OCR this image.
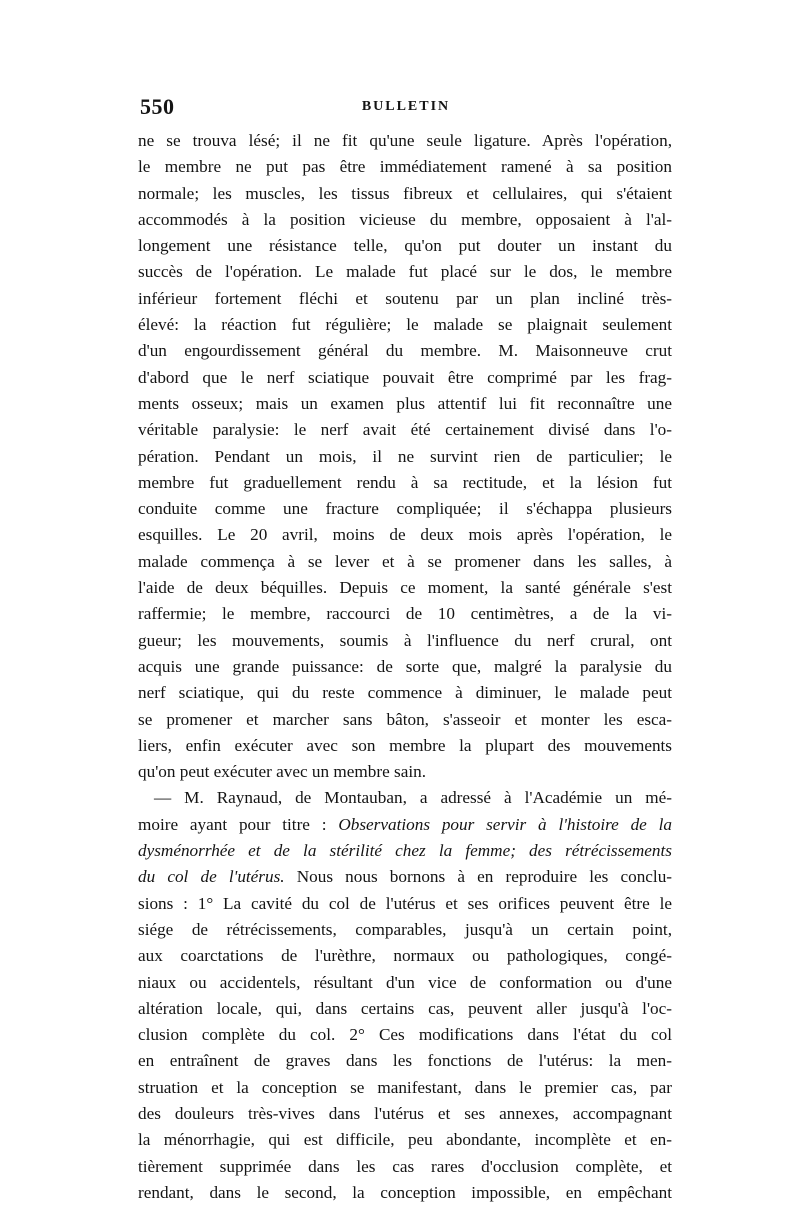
550	BULLETIN
ne se trouva lésé; il ne fit qu'une seule ligature. Après l'opération,
le membre ne put pas être immédiatement ramené à sa position
normale; les muscles, les tissus fibreux et cellulaires, qui s'étaient
accommodés à la position vicieuse du membre, opposaient à l'al-
longement une résistance telle, qu'on put douter un instant du
succès de l'opération. Le malade fut placé sur le dos, le membre
inférieur fortement fléchi et soutenu par un plan incliné très-
élevé: la réaction fut régulière; le malade se plaignait seulement
d'un engourdissement général du membre. M. Maisonneuve crut
d'abord que le nerf sciatique pouvait être comprimé par les frag-
ments osseux; mais un examen plus attentif lui fit reconnaître une
véritable paralysie: le nerf avait été certainement divisé dans l'o-
pération. Pendant un mois, il ne survint rien de particulier; le
membre fut graduellement rendu à sa rectitude, et la lésion fut
conduite comme une fracture compliquée; il s'échappa plusieurs
esquilles. Le 20 avril, moins de deux mois après l'opération, le
malade commença à se lever et à se promener dans les salles, à
l'aide de deux béquilles. Depuis ce moment, la santé générale s'est
raffermie; le membre, raccourci de 10 centimètres, a de la vi-
gueur; les mouvements, soumis à l'influence du nerf crural, ont
acquis une grande puissance: de sorte que, malgré la paralysie du
nerf sciatique, qui du reste commence à diminuer, le malade peut
se promener et marcher sans bâton, s'asseoir et monter les esca-
liers, enfin exécuter avec son membre la plupart des mouvements
qu'on peut exécuter avec un membre sain.
— M. Raynaud, de Montauban, a adressé à l'Académie un mé-
moire ayant pour titre : Observations pour servir à l'histoire de la
dysménorrhée et de la stérilité chez la femme; des rétrécissements
du col de l'utérus. Nous nous bornons à en reproduire les conclu-
sions : 1° La cavité du col de l'utérus et ses orifices peuvent être le
siége de rétrécissements, comparables, jusqu'à un certain point,
aux coarctations de l'urèthre, normaux ou pathologiques, congé-
niaux ou accidentels, résultant d'un vice de conformation ou d'une
altération locale, qui, dans certains cas, peuvent aller jusqu'à l'oc-
clusion complète du col. 2° Ces modifications dans l'état du col
en entraînent de graves dans les fonctions de l'utérus: la men-
struation et la conception se manifestant, dans le premier cas, par
des douleurs très-vives dans l'utérus et ses annexes, accompagnant
la ménorrhagie, qui est difficile, peu abondante, incomplète et en-
tièrement supprimée dans les cas rares d'occlusion complète, et
rendant, dans le second, la conception impossible, en empêchant
